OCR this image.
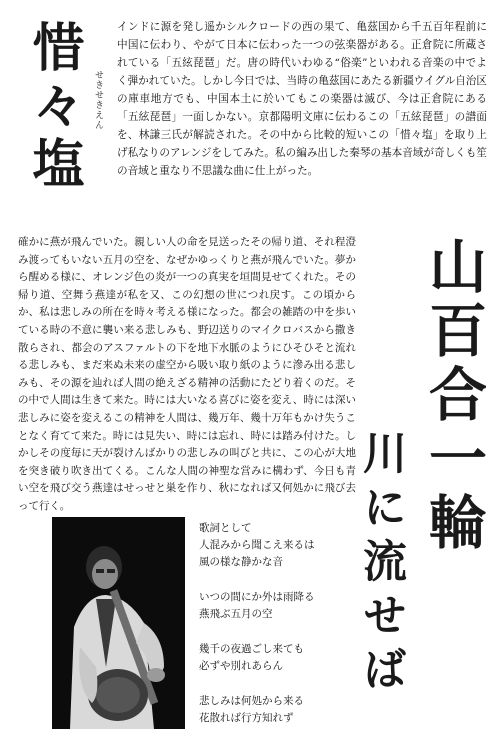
惜々塩 せきせきえん
インドに源を発し遥かシルクロードの西の果て、亀茲国から千五百年程前に中国に伝わり、やがて日本に伝わった一つの弦楽器がある。正倉院に所蔵されている「五絃琵琶」だ。唐の時代いわゆる“俗楽”といわれる音楽の中でよく弾かれていた。しかし今日では、当時の亀茲国にあたる新疆ウイグル自治区の庫車地方でも、中国本土に於いてもこの楽器は滅び、今は正倉院にある「五絃琵琶」一面しかない。京都陽明文庫に伝わるこの「五絃琵琶」の譜面を、林謙三氏が解読された。その中から比較的短いこの「惜々塩」を取り上げ私なりのアレンジをしてみた。私の編み出した秦琴の基本音域が奇しくも笙の音域と重なり不思議な曲に仕上がった。
山百合一輪
川に流せば
確かに燕が飛んでいた。親しい人の命を見送ったその帰り道、それ程澄み渡ってもいない五月の空を、なぜかゆっくりと燕が飛んでいた。夢から醒める様に、オレンジ色の炎が一つの真実を垣間見せてくれた。その帰り道、空舞う燕達が私を又、この幻想の世につれ戻す。この頃から か、私は悲しみの所在を時々考える様になった。都会の雑踏の中を歩いている時の不意に襲い来る悲しみも、野辺送りのマイクロバスから撒き散らされ、都会のアスファルトの下を地下水脈のようにひそひそと流れる悲しみも、まだ来ぬ未来の虚空から吸い取り紙のように滲み出る悲しみも、その源を辿れば人間の絶えざる精神の活動にたどり着くのだ。その中で人間は生きて来た。時には大いなる喜びに姿を変え、時には深い悲しみに姿を変えるこの精神を人間は、幾万年、幾十万年もかけ失うことなく育てて来た。時には見失い、時には忘れ、時には踏み付けた。しかしその度毎に天が裂けんばかりの悲しみの叫びと共に、この心が大地を突き破り吹き出てくる。こんな人間の神聖な営みに構わず、今日も青い空を飛び交う燕達はせっせと巣を作り、秋になれば又何処かに飛び去って行く。
歌詞として
人混みから聞こえ来るは
風の様な静かな音
いつの間にか外は雨降る
燕飛ぶ五月の空
幾千の夜過ごし来ても
必ずや別れあらん
悲しみは何処から来る
花散れば行方知れず
